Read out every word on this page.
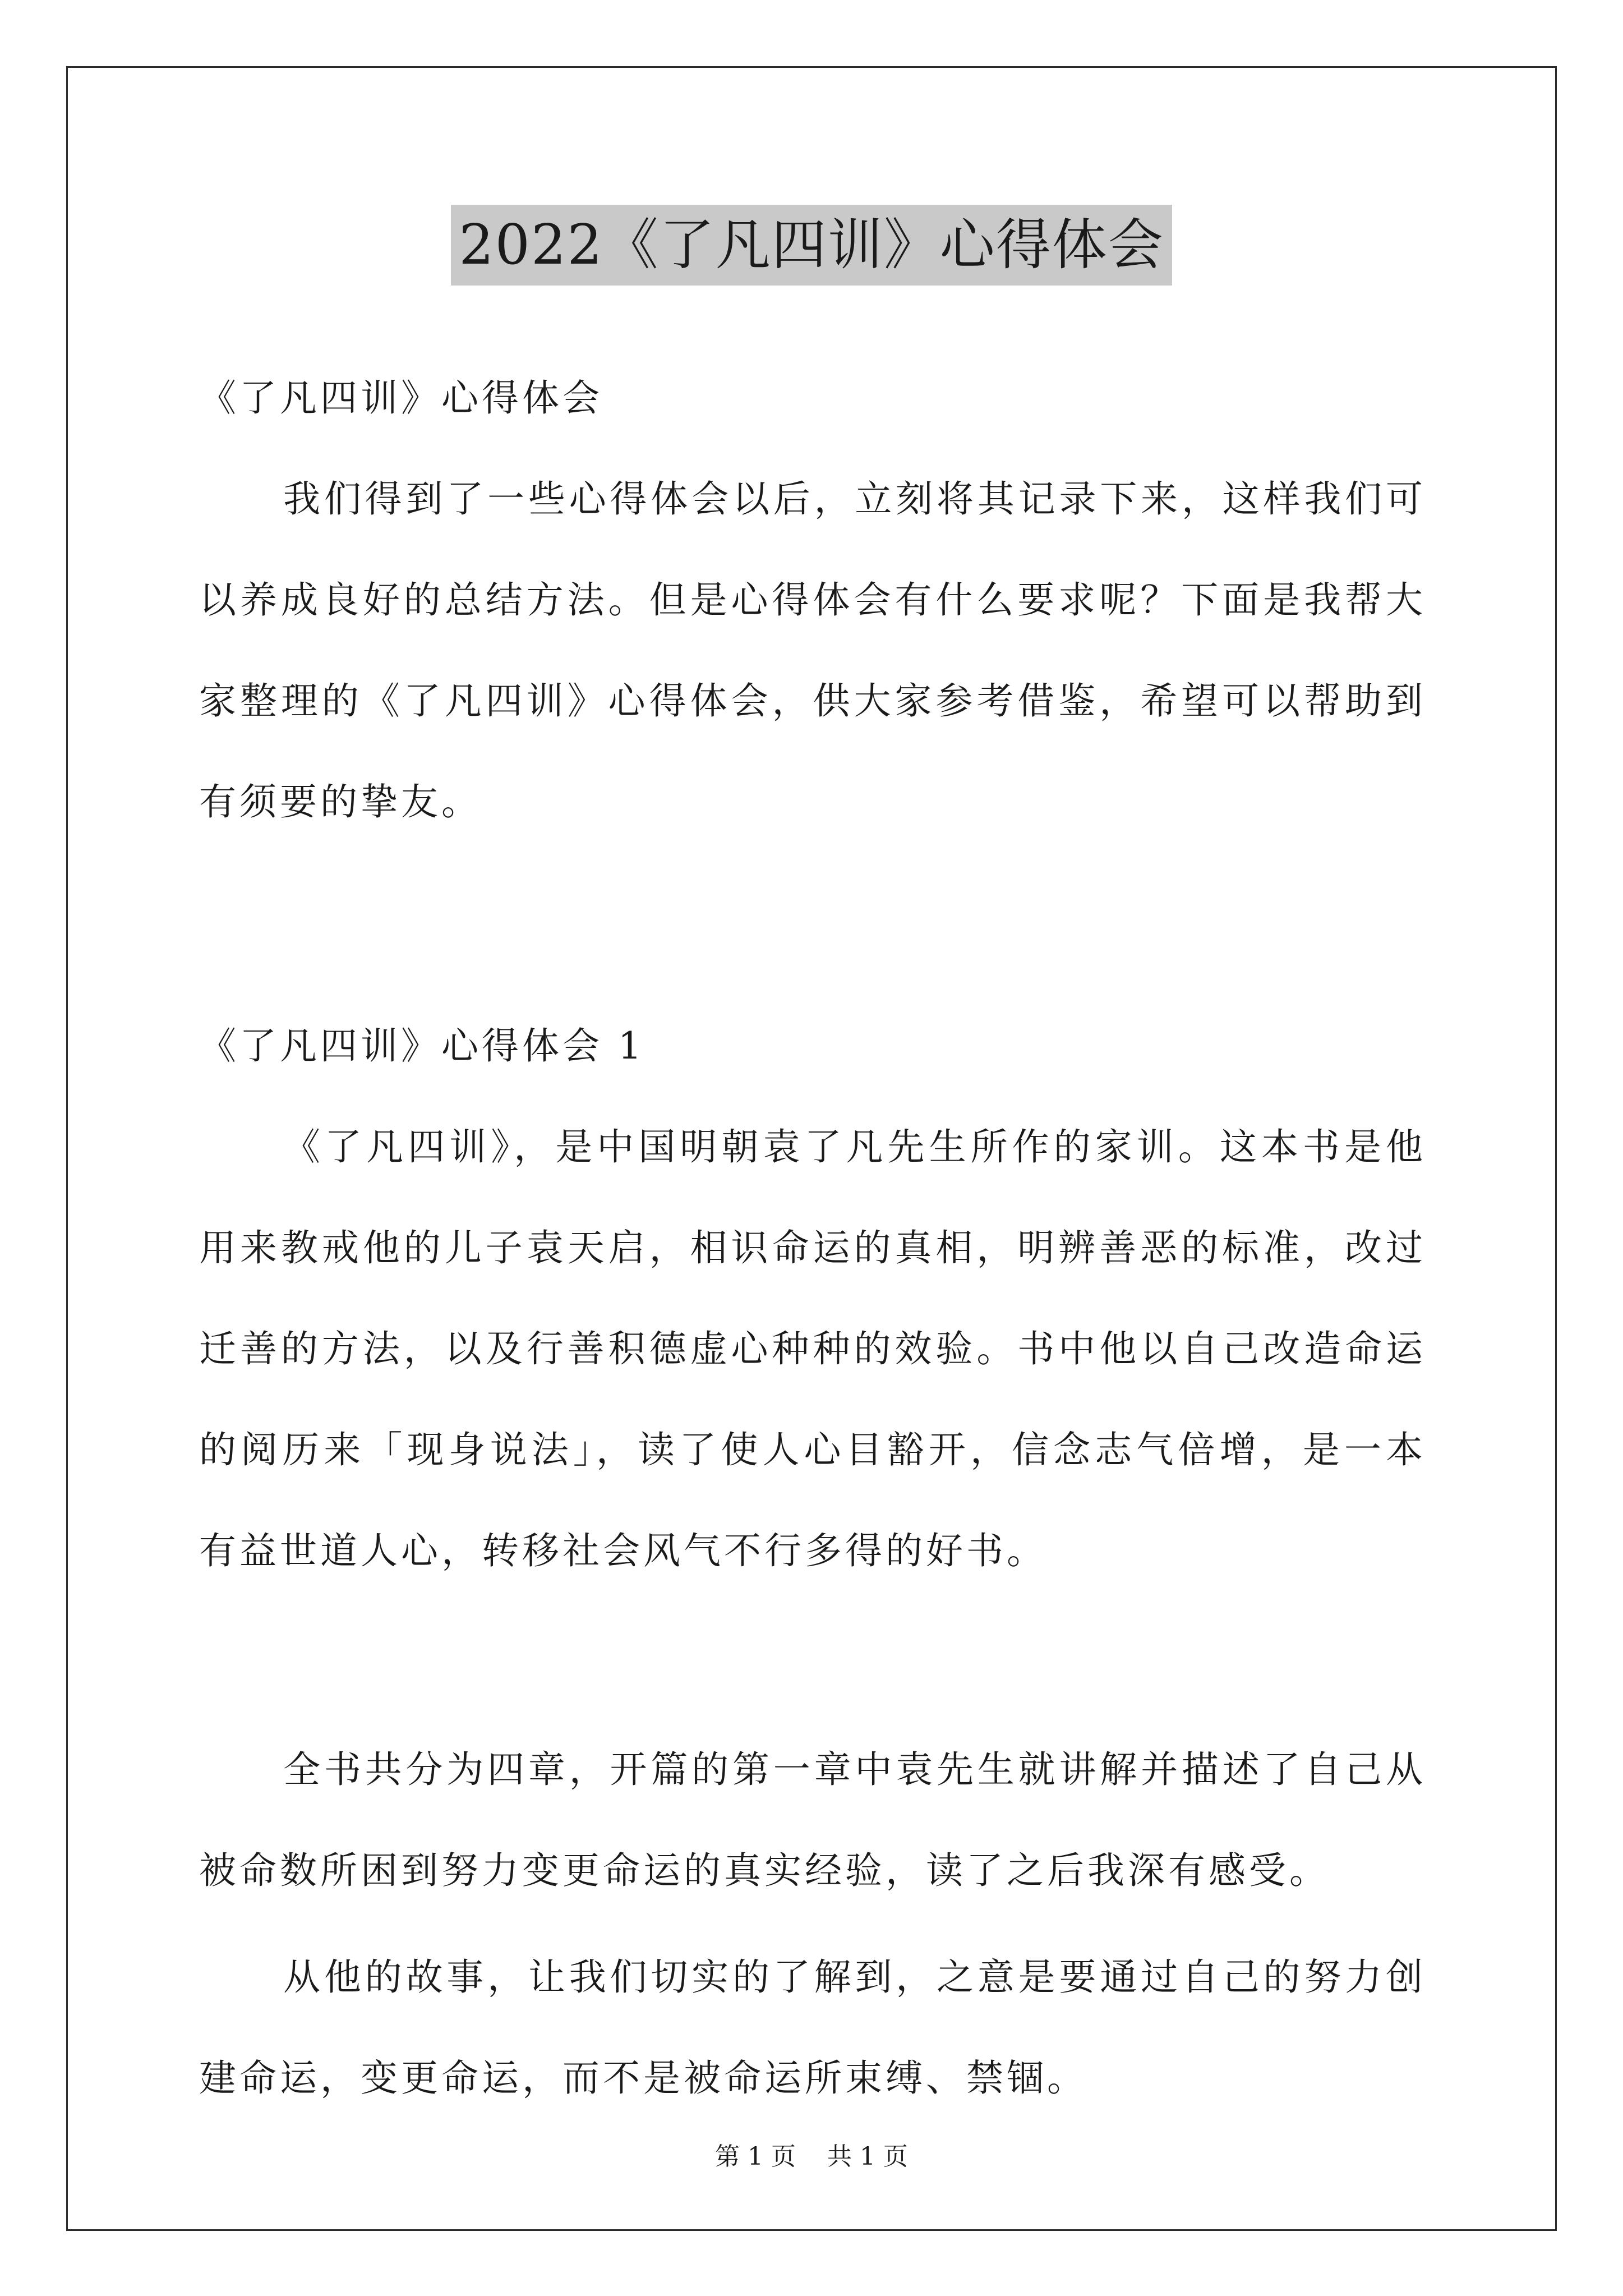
2022《了凡四训》心得体会

《了凡四训》心得体会

我们得到了一些心得体会以后，立刻将其记录下来，这样我们可以养成良好的总结方法。但是心得体会有什么要求呢？下面是我帮大家整理的《了凡四训》心得体会，供大家参考借鉴，希望可以帮助到有须要的挚友。

《了凡四训》心得体会 1

《了凡四训》，是中国明朝袁了凡先生所作的家训。这本书是他用来教戒他的儿子袁天启，相识命运的真相，明辨善恶的标准，改过迁善的方法，以及行善积德虚心种种的效验。书中他以自己改造命运的阅历来「现身说法」，读了使人心目豁开，信念志气倍增，是一本有益世道人心，转移社会风气不行多得的好书。

全书共分为四章，开篇的第一章中袁先生就讲解并描述了自己从被命数所困到努力变更命运的真实经验，读了之后我深有感受。

从他的故事，让我们切实的了解到，之意是要通过自己的努力创建命运，变更命运，而不是被命运所束缚、禁锢。

第 1 页    共 1 页
